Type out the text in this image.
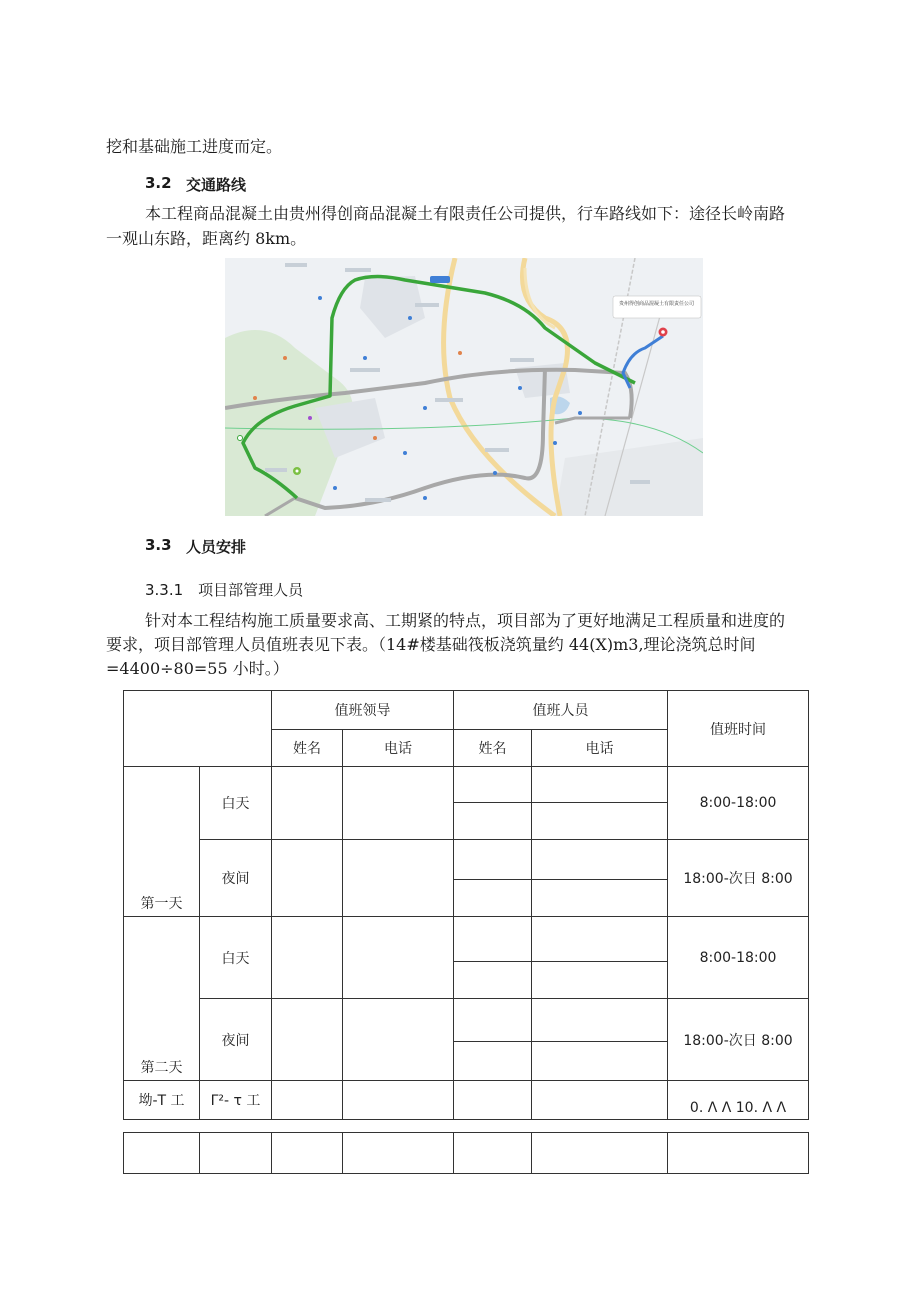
挖和基础施工进度而定。
3.2 交通路线
本工程商品混凝土由贵州得创商品混凝土有限责任公司提供，行车路线如下：途径长岭南路
一观山东路，距离约 8km。
贵州得创商品混凝土有限责任公司
3.3 人员安排
3.3.1　项目部管理人员
针对本工程结构施工质量要求高、工期紧的特点，项目部为了更好地满足工程质量和进度的
要求，项目部管理人员值班表见下表。（14#楼基础筏板浇筑量约 44(X)m3,理论浇筑总时间
=4400÷80=55 小时。）
		值班领导		值班人员		值班时间
		姓名	电话	姓名	电话	
第一天	白天					8:00-18:00

	夜间					18:00-次日 8:00

第二天	白天					8:00-18:00

	夜间					18:00-次日 8:00

坳-T 工	Γ²- τ 工					0. Λ Λ 10. Λ Λ
